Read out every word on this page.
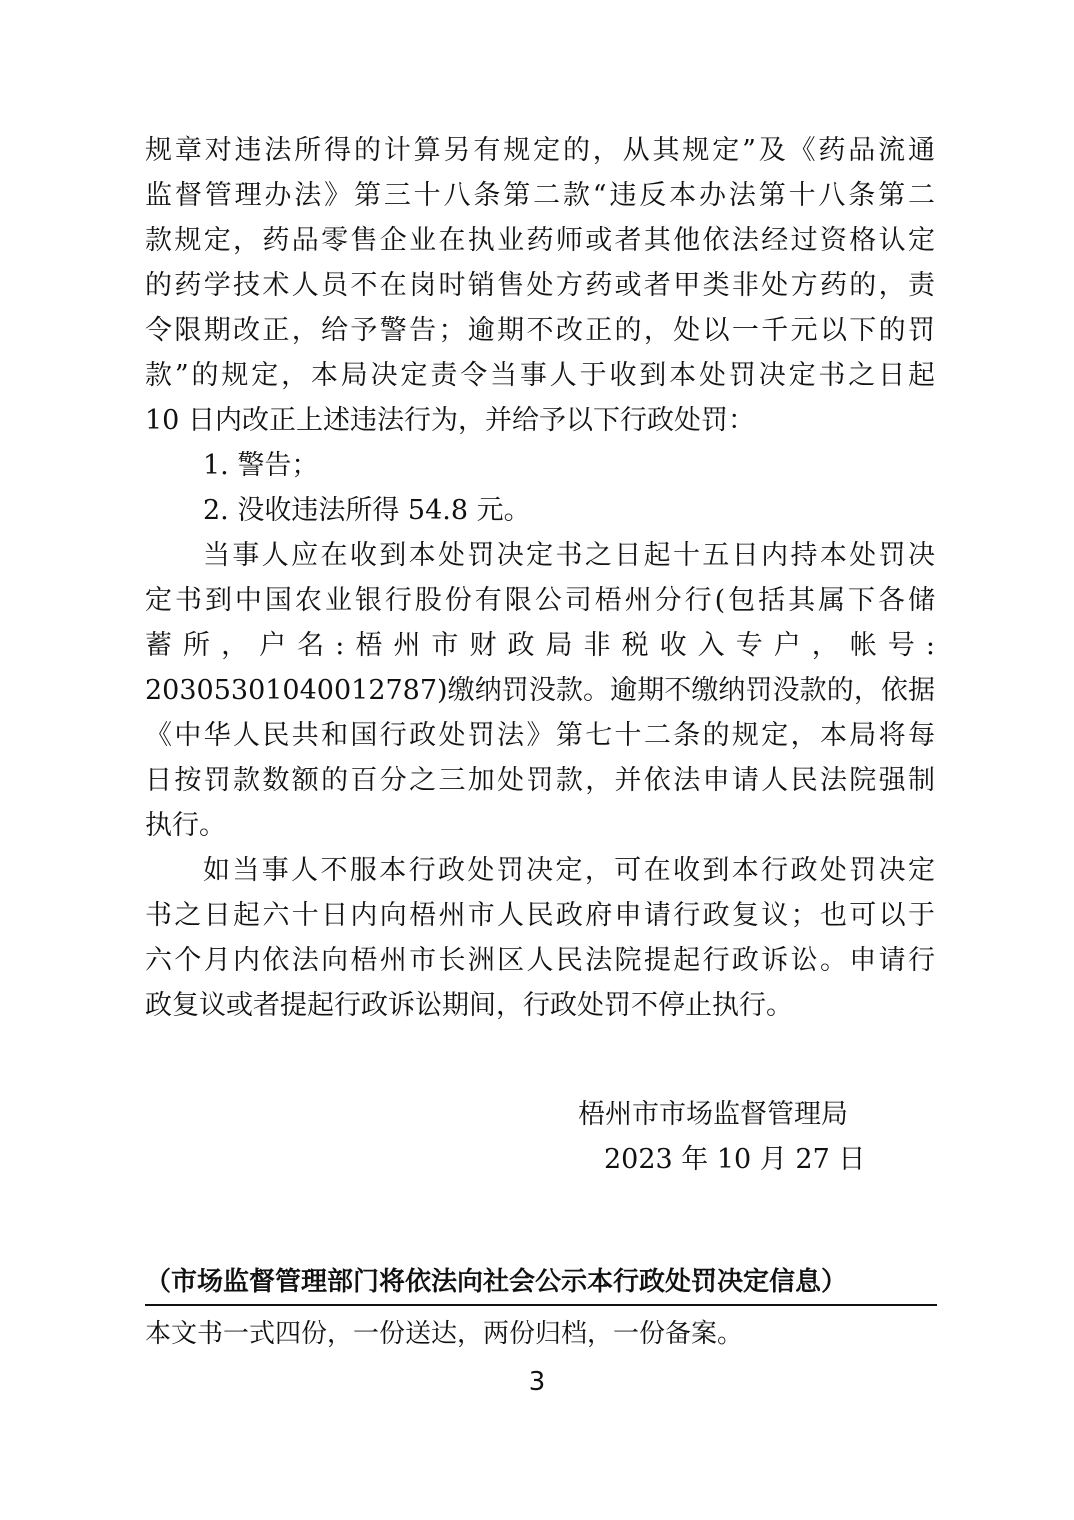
规章对违法所得的计算另有规定的，从其规定”及《药品流通
监督管理办法》第三十八条第二款“违反本办法第十八条第二
款规定，药品零售企业在执业药师或者其他依法经过资格认定
的药学技术人员不在岗时销售处方药或者甲类非处方药的，责
令限期改正，给予警告；逾期不改正的，处以一千元以下的罚
款”的规定，本局决定责令当事人于收到本处罚决定书之日起
10 日内改正上述违法行为，并给予以下行政处罚：
1. 警告；
2. 没收违法所得 54.8 元。
当事人应在收到本处罚决定书之日起十五日内持本处罚决
定书到中国农业银行股份有限公司梧州分行(包括其属下各储
蓄所，户名:梧州市财政局非税收入专户，帐号:
20305301040012787)缴纳罚没款。逾期不缴纳罚没款的，依据
《中华人民共和国行政处罚法》第七十二条的规定，本局将每
日按罚款数额的百分之三加处罚款，并依法申请人民法院强制
执行。
如当事人不服本行政处罚决定，可在收到本行政处罚决定
书之日起六十日内向梧州市人民政府申请行政复议；也可以于
六个月内依法向梧州市长洲区人民法院提起行政诉讼。申请行
政复议或者提起行政诉讼期间，行政处罚不停止执行。
梧州市市场监督管理局
2023 年 10 月 27 日
（市场监督管理部门将依法向社会公示本行政处罚决定信息）
本文书一式四份，一份送达，两份归档，一份备案。
3
